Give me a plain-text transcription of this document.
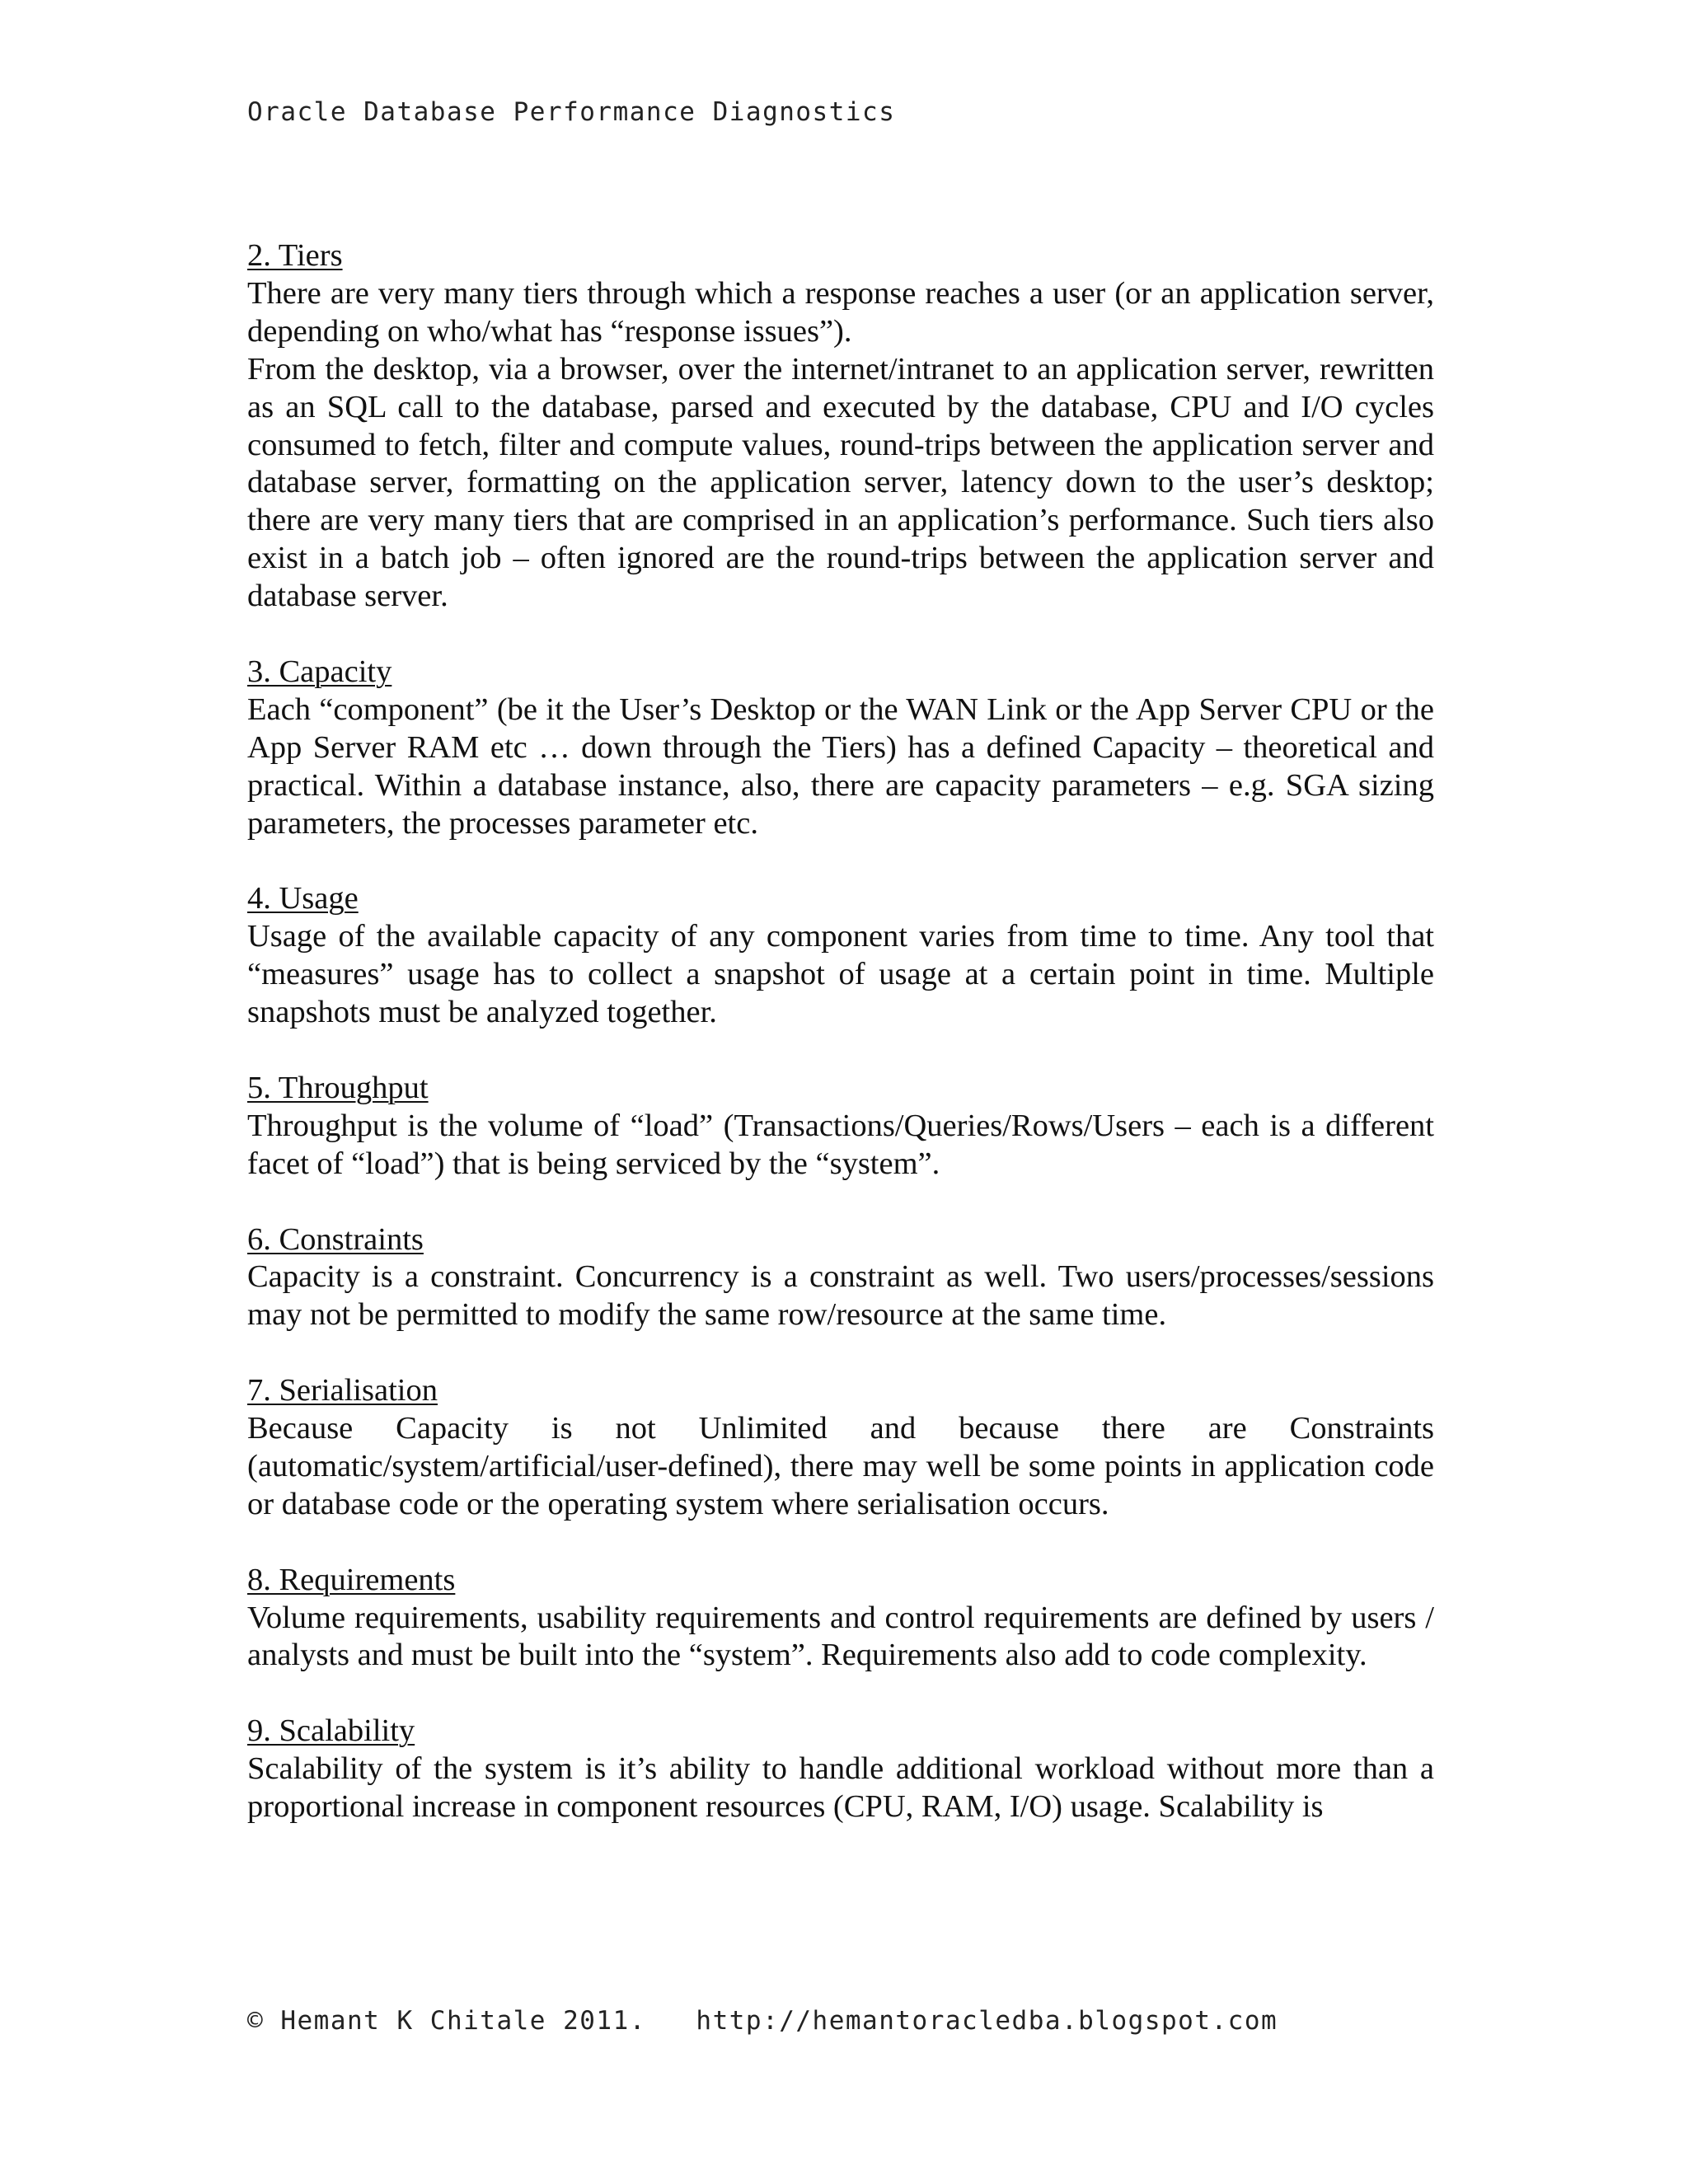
Oracle Database Performance Diagnostics
2. Tiers

There are very many tiers through which a response reaches a user (or an application server, depending on who/what has “response issues”).

From the desktop, via a browser, over the internet/intranet to an application server, rewritten as an SQL call to the database, parsed and executed by the database, CPU and I/O cycles consumed to fetch, filter and compute values, round-trips between the application server and database server, formatting on the application server, latency down to the user’s desktop; there are very many tiers that are comprised in an application’s performance. Such tiers also exist in a batch job – often ignored are the round-trips between the application server and database server.

3. Capacity

Each “component” (be it the User’s Desktop or the WAN Link or the App Server CPU or the App Server RAM etc … down through the Tiers) has a defined Capacity – theoretical and practical. Within a database instance, also, there are capacity parameters – e.g. SGA sizing parameters, the processes parameter etc.

4. Usage

Usage of the available capacity of any component varies from time to time. Any tool that “measures” usage has to collect a snapshot of usage at a certain point in time. Multiple snapshots must be analyzed together.

5. Throughput

Throughput is the volume of “load” (Transactions/Queries/Rows/Users – each is a different facet of “load”) that is being serviced by the “system”.

6. Constraints

Capacity is a constraint. Concurrency is a constraint as well. Two users/processes/sessions may not be permitted to modify the same row/resource at the same time.

7. Serialisation

Because Capacity is not Unlimited and because there are Constraints (automatic/system/artificial/user-defined), there may well be some points in application code or database code or the operating system where serialisation occurs.

8. Requirements

Volume requirements, usability requirements and control requirements are defined by users / analysts and must be built into the “system”. Requirements also add to code complexity.

9. Scalability

Scalability of the system is it’s ability to handle additional workload without more than a proportional increase in component resources (CPU, RAM, I/O) usage. Scalability is

© Hemant K Chitale 2011.   http://hemantoracledba.blogspot.com
